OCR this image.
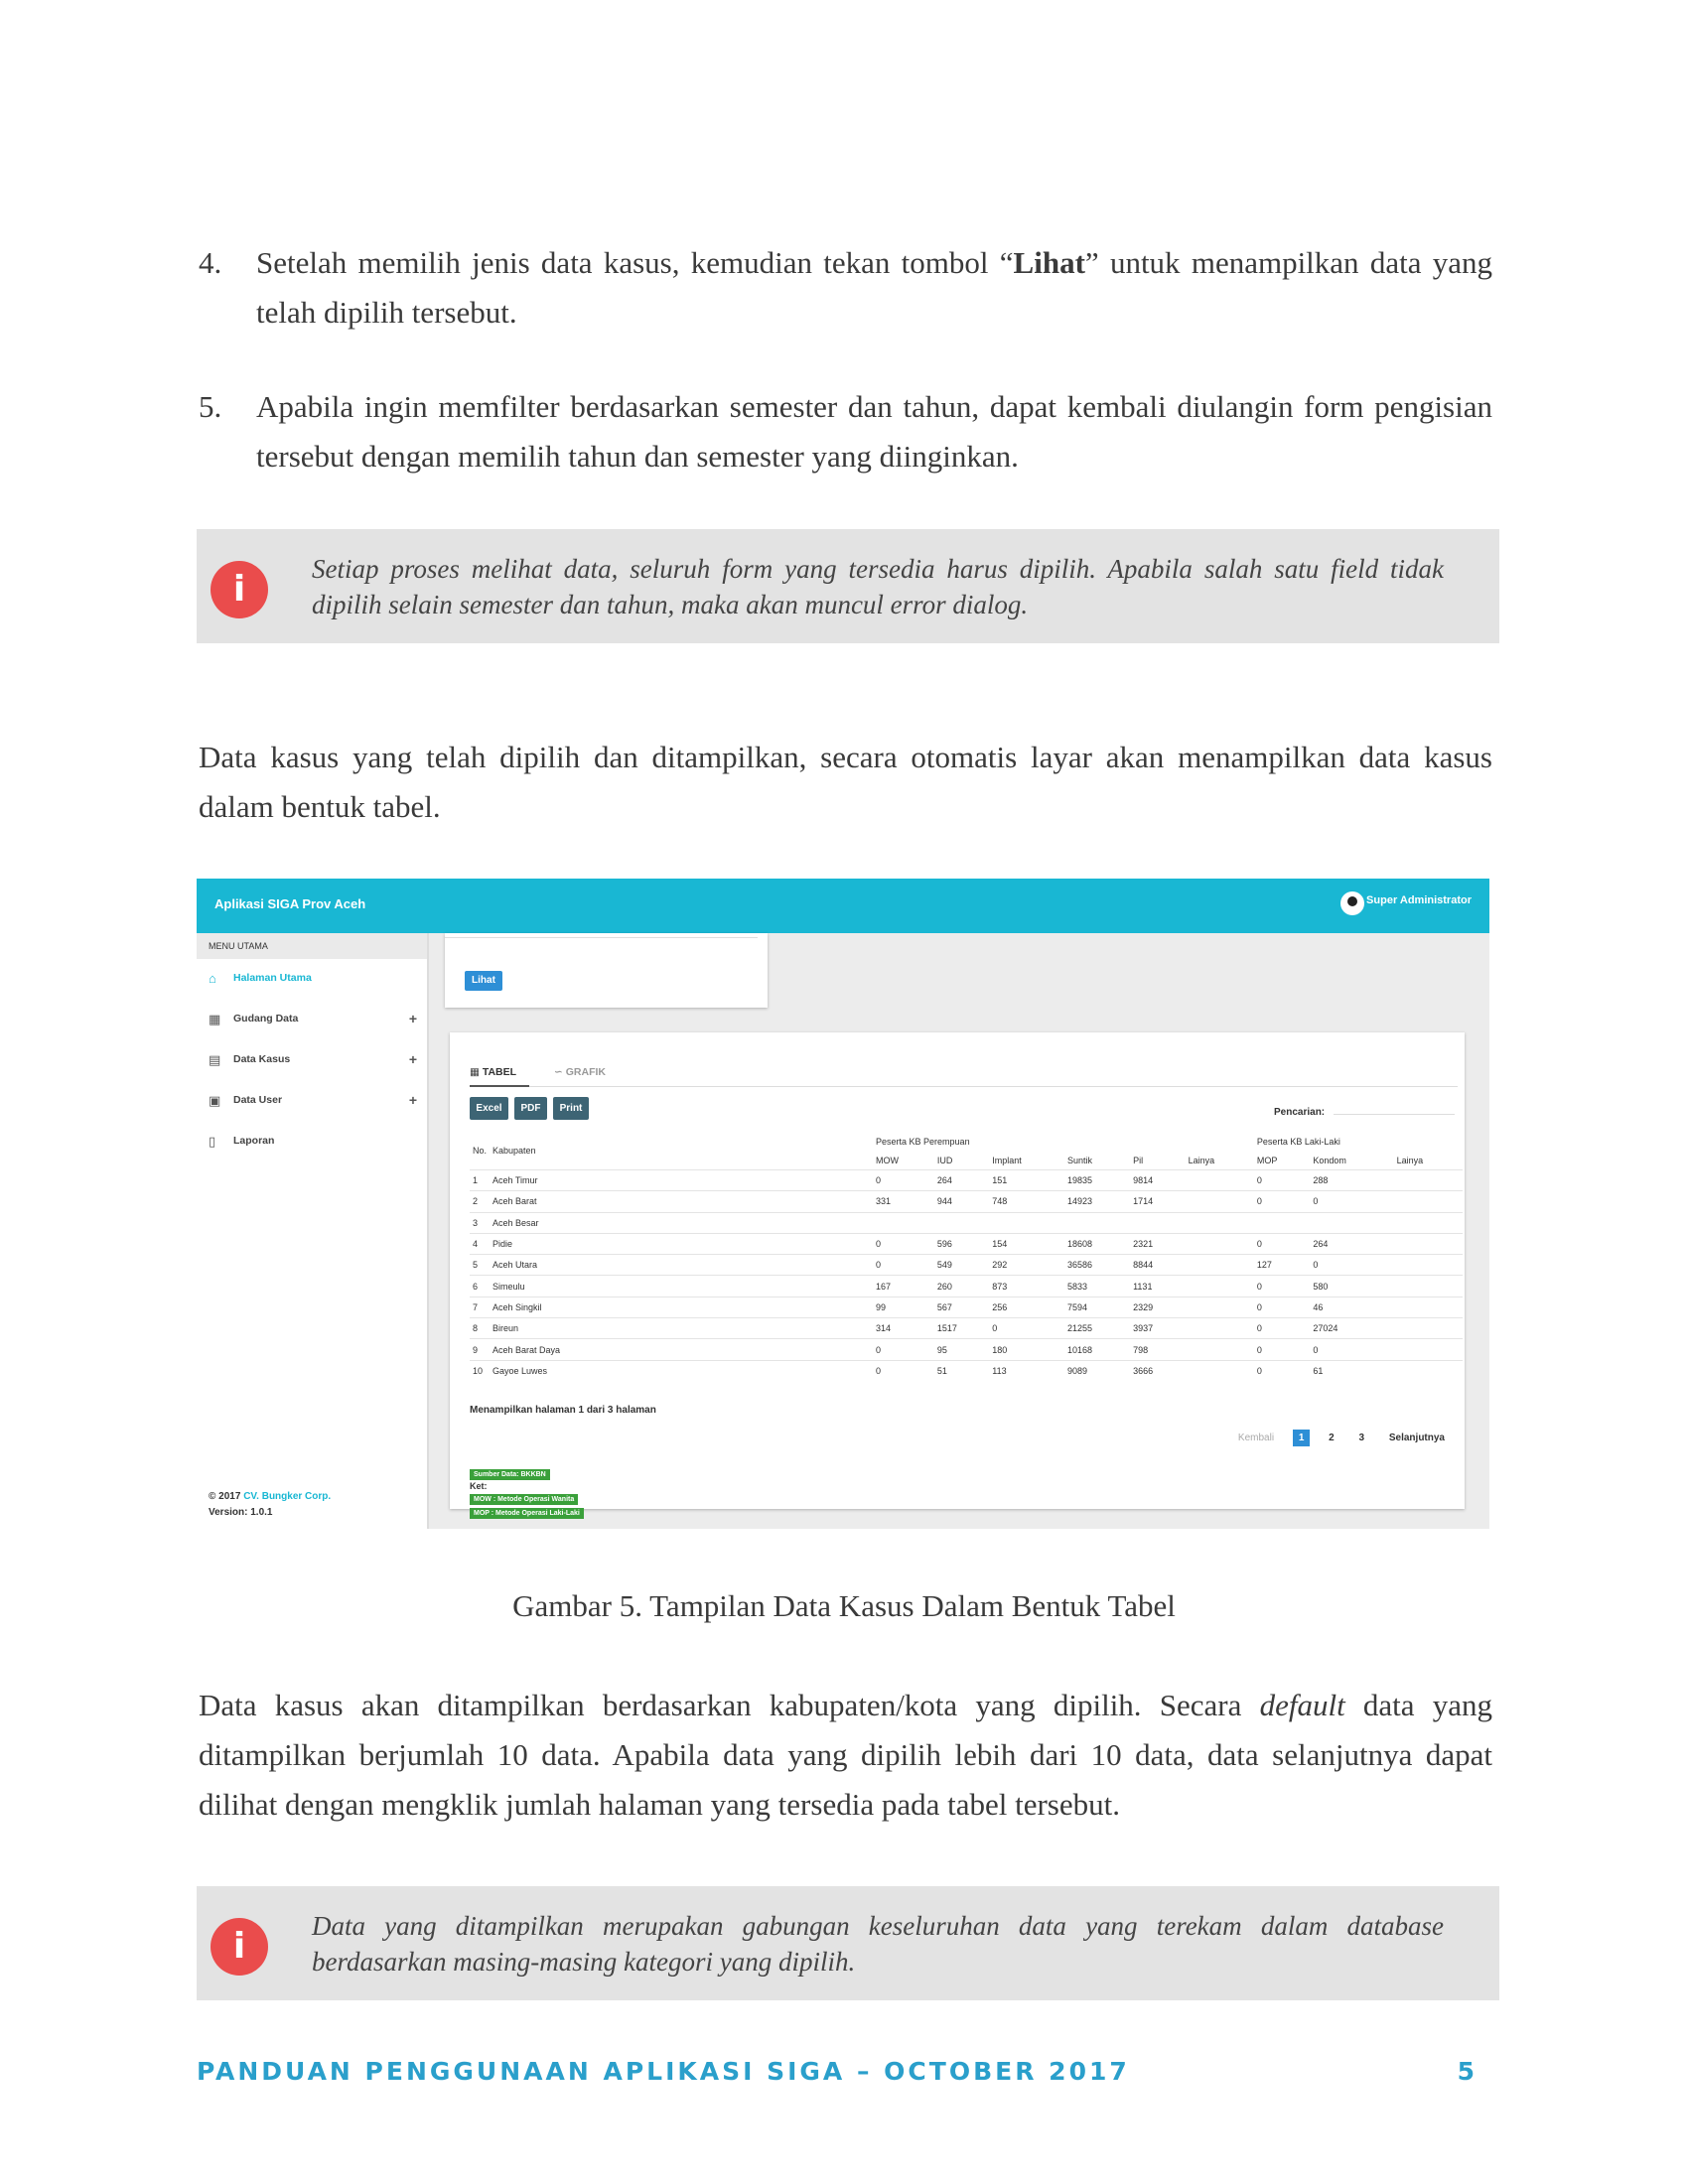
4. Setelah memilih jenis data kasus, kemudian tekan tombol “Lihat” untuk menampilkan data yang telah dipilih tersebut.
5. Apabila ingin memfilter berdasarkan semester dan tahun, dapat kembali diulangin form pengisian tersebut dengan memilih tahun dan semester yang diinginkan.
i	Setiap proses melihat data, seluruh form yang tersedia harus dipilih. Apabila salah satu field tidak dipilih selain semester dan tahun, maka akan muncul error dialog.
Data kasus yang telah dipilih dan ditampilkan, secara otomatis layar akan menampilkan data kasus dalam bentuk tabel.
Aplikasi SIGA Prov Aceh	Super Administrator
MENU UTAMA
⌂ Halaman Utama
▦ Gudang Data	+
▤ Data Kasus	+
▣ Data User	+
▯ Laporan
© 2017 CV. Bungker Corp.
Version: 1.0.1
Lihat
▦ TABEL	∽ GRAFIK
Excel	PDF	Print	Pencarian:
No.	Kabupaten	Peserta KB Perempuan						Peserta KB Laki-Laki		
		MOW	IUD	Implant	Suntik	Pil	Lainya	MOP	Kondom	Lainya
1	Aceh Timur	0	264	151	19835	9814		0	288	
2	Aceh Barat	331	944	748	14923	1714		0	0	
3	Aceh Besar									
4	Pidie	0	596	154	18608	2321		0	264	
5	Aceh Utara	0	549	292	36586	8844		127	0	
6	Simeulu	167	260	873	5833	1131		0	580	
7	Aceh Singkil	99	567	256	7594	2329		0	46	
8	Bireun	314	1517	0	21255	3937		0	27024	
9	Aceh Barat Daya	0	95	180	10168	798		0	0	
10	Gayoe Luwes	0	51	113	9089	3666		0	61	
Menampilkan halaman 1 dari 3 halaman
Kembali 1 2 3 Selanjutnya
Sumber Data: BKKBN
Ket:
MOW : Metode Operasi Wanita
MOP : Metode Operasi Laki-Laki
Gambar 5. Tampilan Data Kasus Dalam Bentuk Tabel
Data kasus akan ditampilkan berdasarkan kabupaten/kota yang dipilih. Secara default data yang ditampilkan berjumlah 10 data. Apabila data yang dipilih lebih dari 10 data, data selanjutnya dapat dilihat dengan mengklik jumlah halaman yang tersedia pada tabel tersebut.
i	Data yang ditampilkan merupakan gabungan keseluruhan data yang terekam dalam database berdasarkan masing-masing kategori yang dipilih.
PANDUAN PENGGUNAAN APLIKASI SIGA – OCTOBER 2017	5
